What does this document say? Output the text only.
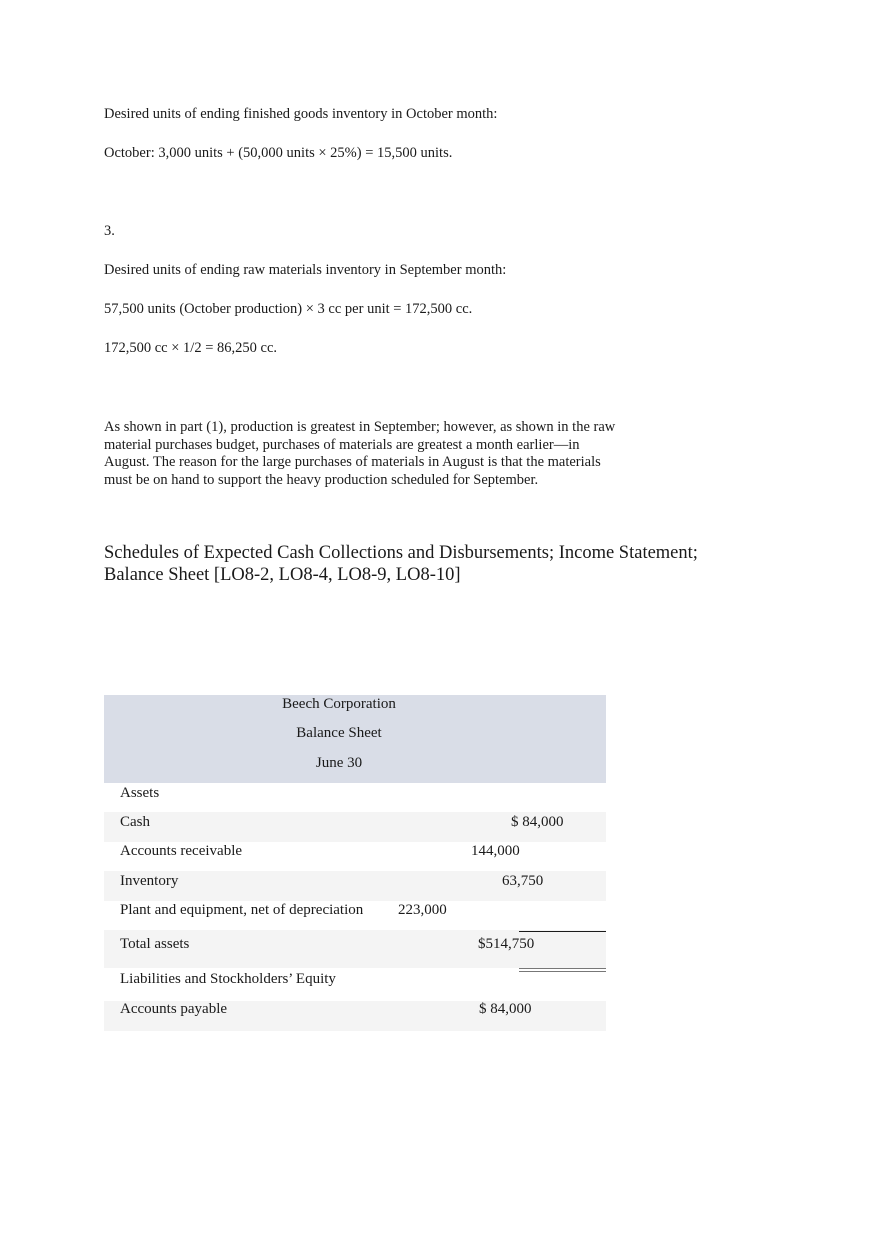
Desired units of ending finished goods inventory in October month:
October: 3,000 units + (50,000 units × 25%) = 15,500 units.
3.
Desired units of ending raw materials inventory in September month:
57,500 units (October production) × 3 cc per unit = 172,500 cc.
172,500 cc × 1/2 = 86,250 cc.
As shown in part (1), production is greatest in September; however, as shown in the raw
material purchases budget, purchases of materials are greatest a month earlier—in
August. The reason for the large purchases of materials in August is that the materials
must be on hand to support the heavy production scheduled for September.
Schedules of Expected Cash Collections and Disbursements; Income Statement;
Balance Sheet [LO8-2, LO8-4, LO8-9, LO8-10]
Beech Corporation
Balance Sheet
June 30
Assets
Cash	$ 84,000
Accounts receivable	144,000
Inventory	63,750
Plant and equipment, net of depreciation 223,000
Total assets	$514,750
Liabilities and Stockholders’ Equity
Accounts payable	$ 84,000
